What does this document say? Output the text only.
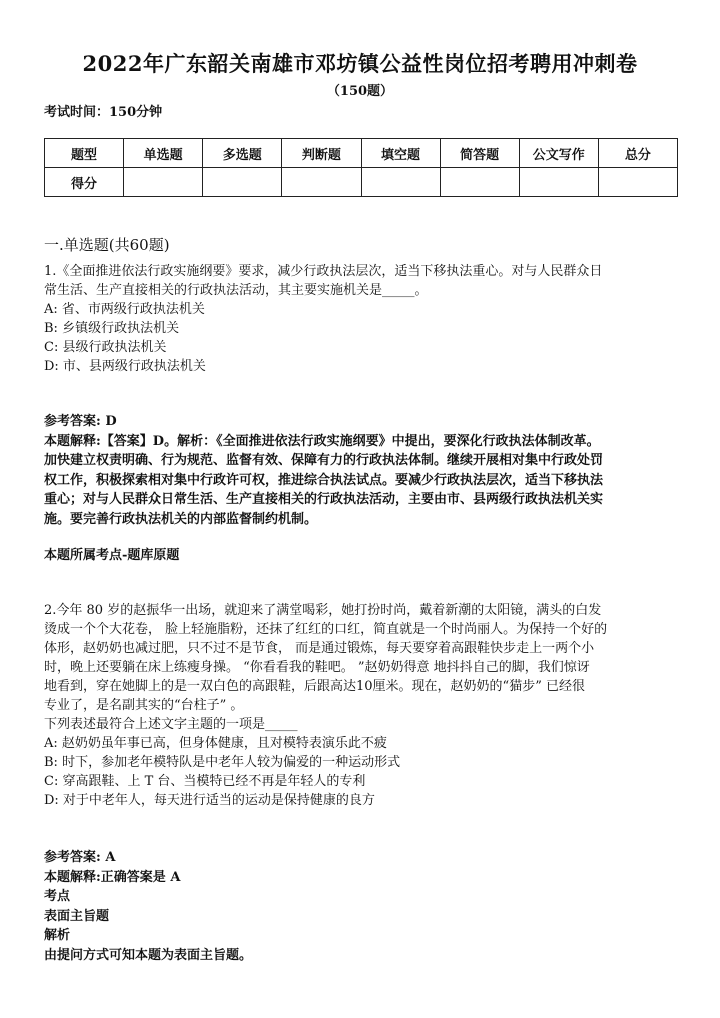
2022年广东韶关南雄市邓坊镇公益性岗位招考聘用冲刺卷
（150题）
考试时间：150分钟
题型	单选题	多选题	判断题	填空题	简答题	公文写作	总分
得分							
一.单选题(共60题)
1.《全面推进依法行政实施纲要》要求，减少行政执法层次，适当下移执法重心。对与人民群众日
常生活、生产直接相关的行政执法活动，其主要实施机关是_____。
A: 省、市两级行政执法机关
B: 乡镇级行政执法机关
C: 县级行政执法机关
D: 市、县两级行政执法机关
参考答案: D
本题解释:【答案】D。解析：《全面推进依法行政实施纲要》中提出，要深化行政执法体制改革。
加快建立权责明确、行为规范、监督有效、保障有力的行政执法体制。继续开展相对集中行政处罚
权工作，积极探索相对集中行政许可权，推进综合执法试点。要减少行政执法层次，适当下移执法
重心；对与人民群众日常生活、生产直接相关的行政执法活动，主要由市、县两级行政执法机关实
施。要完善行政执法机关的内部监督制约机制。
本题所属考点-题库原题
2.今年 80 岁的赵振华一出场，就迎来了满堂喝彩，她打扮时尚，戴着新潮的太阳镜，满头的白发
烫成一个个大花卷， 脸上轻施脂粉，还抹了红红的口红，简直就是一个时尚丽人。为保持一个好的
体形，赵奶奶也减过肥，只不过不是节食， 而是通过锻炼，每天要穿着高跟鞋快步走上一两个小
时，晚上还要躺在床上练瘦身操。 “你看看我的鞋吧。 ”赵奶奶得意 地抖抖自己的脚，我们惊讶
地看到，穿在她脚上的是一双白色的高跟鞋，后跟高达10厘米。现在，赵奶奶的“猫步” 已经很
专业了，是名副其实的“台柱子” 。
下列表述最符合上述文字主题的一项是_____
A: 赵奶奶虽年事已高，但身体健康，且对模特表演乐此不疲
B: 时下，参加老年模特队是中老年人较为偏爱的一种运动形式
C: 穿高跟鞋、上 T 台、当模特已经不再是年轻人的专利
D: 对于中老年人，每天进行适当的运动是保持健康的良方
参考答案: A
本题解释:正确答案是 A
考点
表面主旨题
解析
由提问方式可知本题为表面主旨题。
